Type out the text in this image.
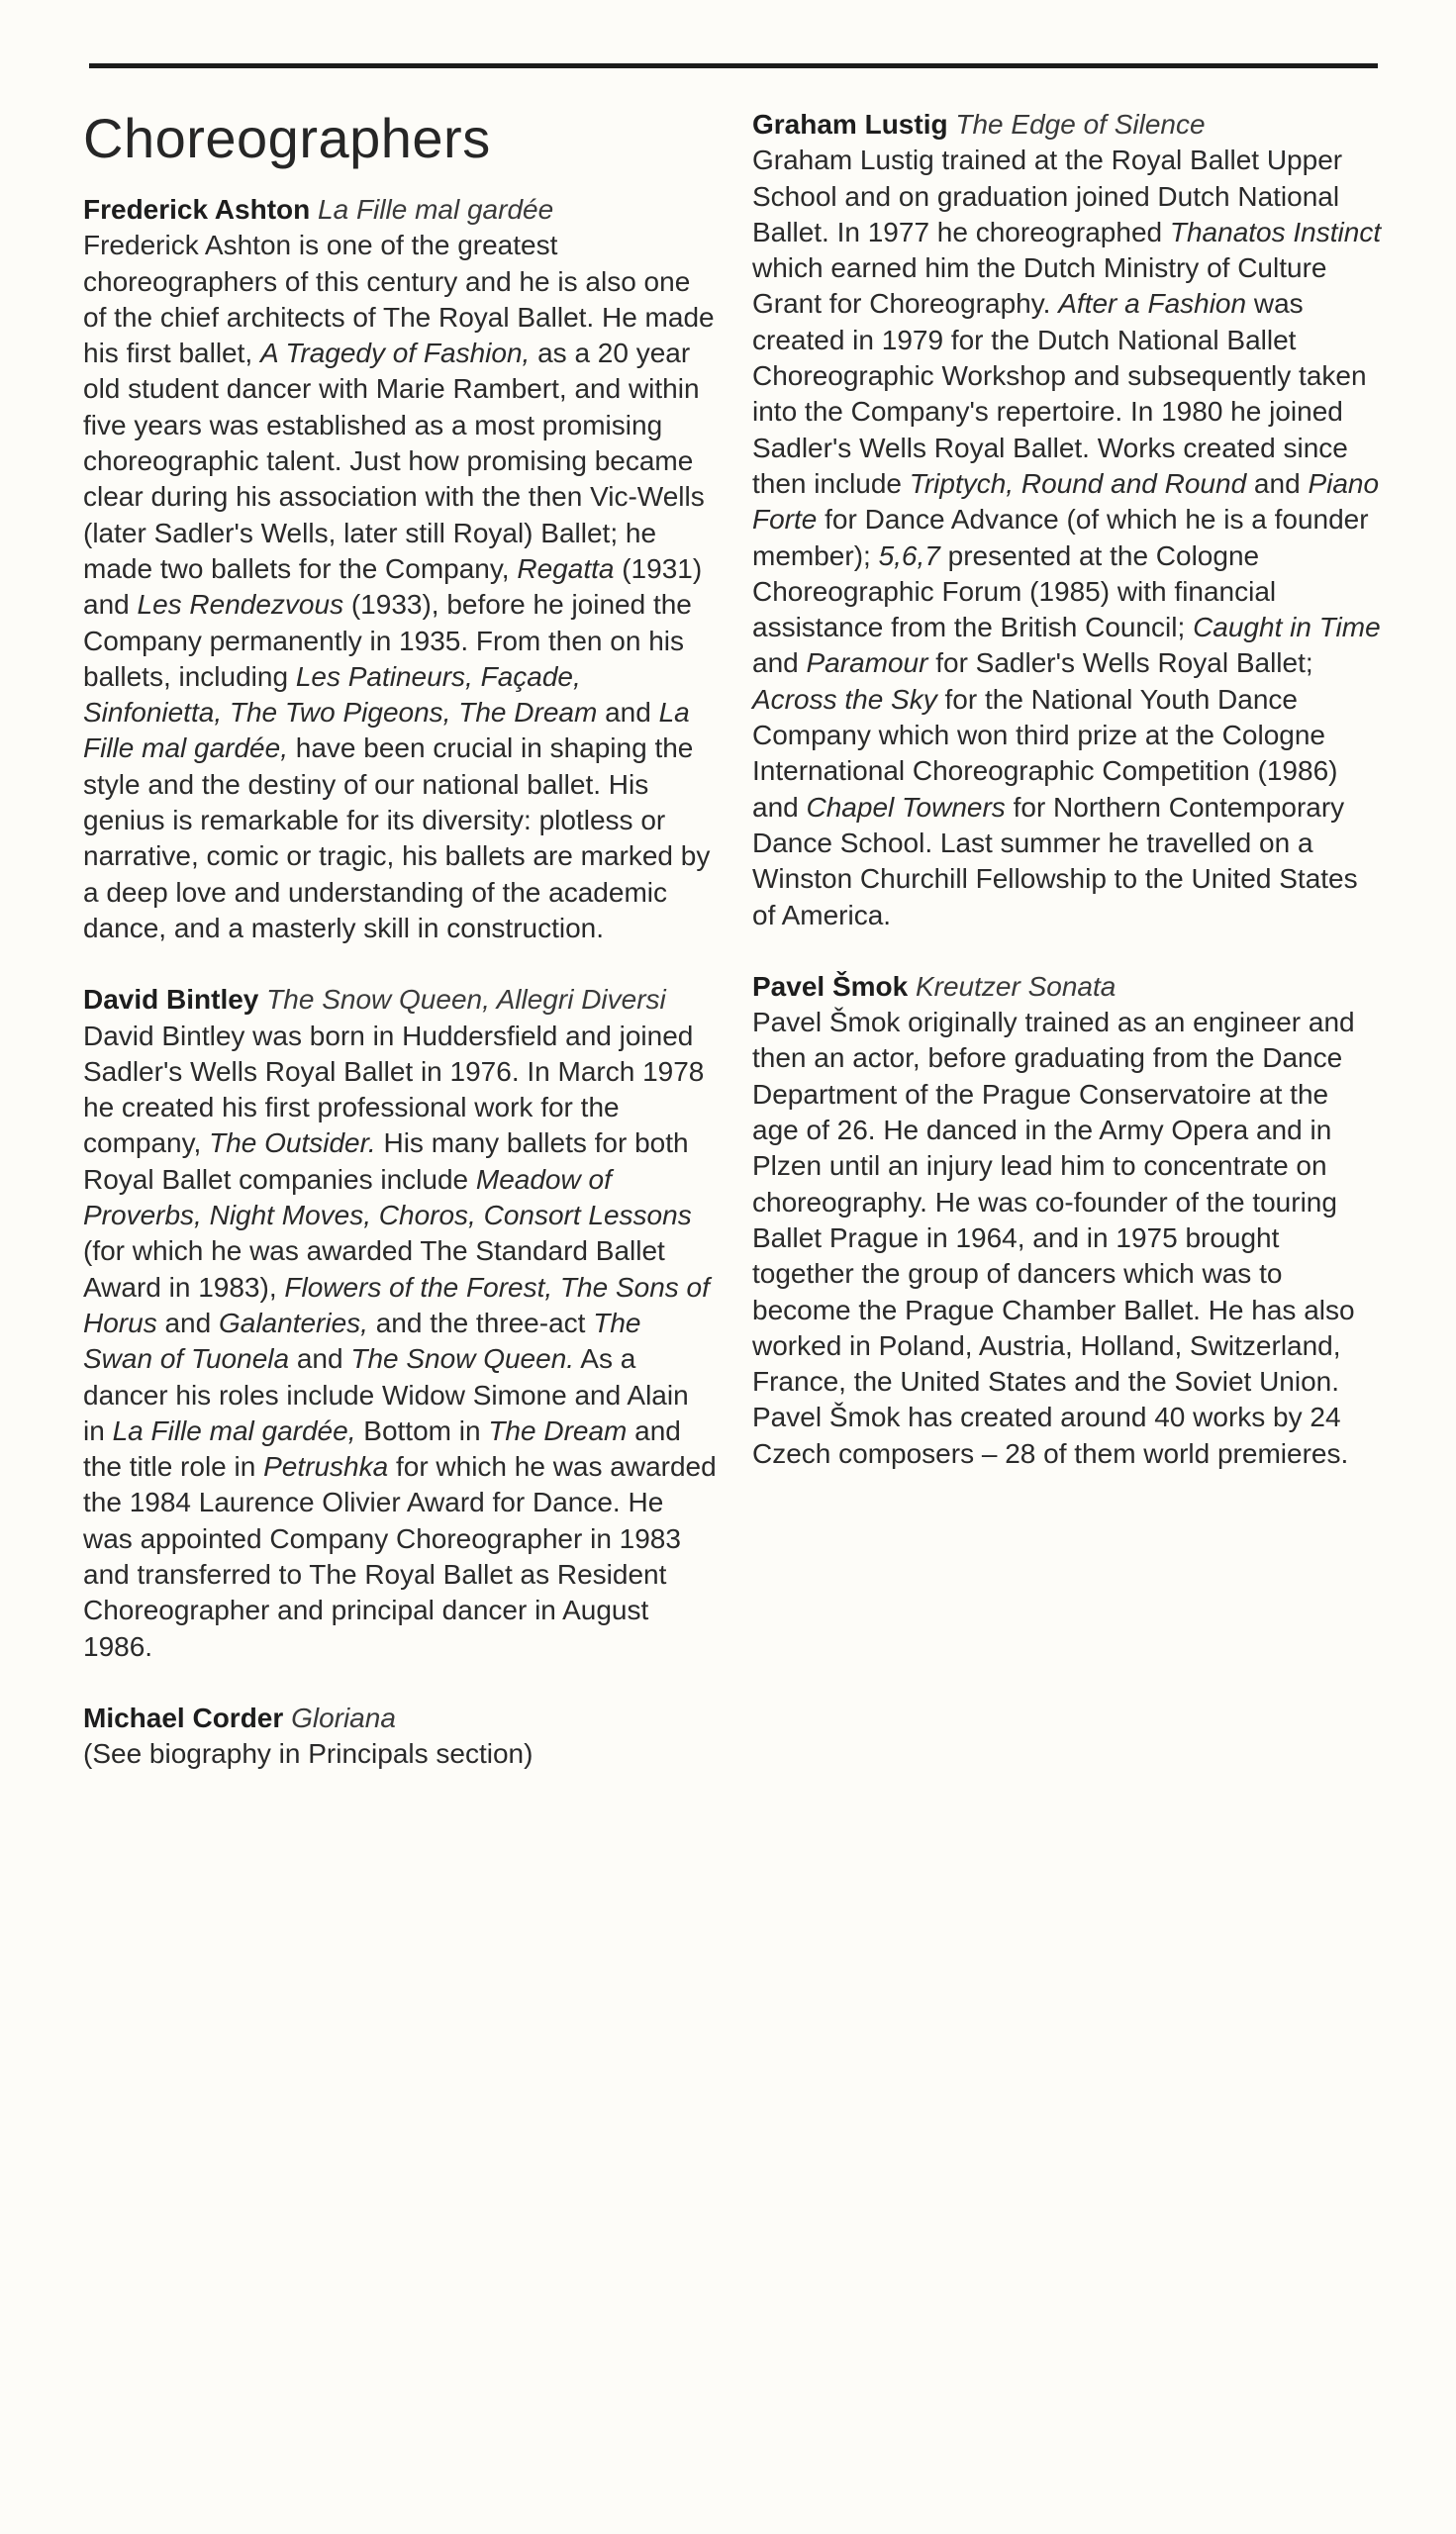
Choreographers

Frederick Ashton La Fille mal gardée

Frederick Ashton is one of the greatest choreographers of this century and he is also one of the chief architects of The Royal Ballet. He made his first ballet, A Tragedy of Fashion, as a 20 year old student dancer with Marie Rambert, and within five years was established as a most promising choreographic talent. Just how promising became clear during his association with the then Vic-Wells (later Sadler's Wells, later still Royal) Ballet; he made two ballets for the Company, Regatta (1931) and Les Rendezvous (1933), before he joined the Company permanently in 1935. From then on his ballets, including Les Patineurs, Façade, Sinfonietta, The Two Pigeons, The Dream and La Fille mal gardée, have been crucial in shaping the style and the destiny of our national ballet. His genius is remarkable for its diversity: plotless or narrative, comic or tragic, his ballets are marked by a deep love and understanding of the academic dance, and a masterly skill in construction.

David Bintley The Snow Queen, Allegri Diversi

David Bintley was born in Huddersfield and joined Sadler's Wells Royal Ballet in 1976. In March 1978 he created his first professional work for the company, The Outsider. His many ballets for both Royal Ballet companies include Meadow of Proverbs, Night Moves, Choros, Consort Lessons (for which he was awarded The Standard Ballet Award in 1983), Flowers of the Forest, The Sons of Horus and Galanteries, and the three-act The Swan of Tuonela and The Snow Queen. As a dancer his roles include Widow Simone and Alain in La Fille mal gardée, Bottom in The Dream and the title role in Petrushka for which he was awarded the 1984 Laurence Olivier Award for Dance. He was appointed Company Choreographer in 1983 and transferred to The Royal Ballet as Resident Choreographer and principal dancer in August 1986.

Michael Corder Gloriana

(See biography in Principals section)

Graham Lustig The Edge of Silence

Graham Lustig trained at the Royal Ballet Upper School and on graduation joined Dutch National Ballet. In 1977 he choreographed Thanatos Instinct which earned him the Dutch Ministry of Culture Grant for Choreography. After a Fashion was created in 1979 for the Dutch National Ballet Choreographic Workshop and subsequently taken into the Company's repertoire. In 1980 he joined Sadler's Wells Royal Ballet. Works created since then include Triptych, Round and Round and Piano Forte for Dance Advance (of which he is a founder member); 5,6,7 presented at the Cologne Choreographic Forum (1985) with financial assistance from the British Council; Caught in Time and Paramour for Sadler's Wells Royal Ballet; Across the Sky for the National Youth Dance Company which won third prize at the Cologne International Choreographic Competition (1986) and Chapel Towners for Northern Contemporary Dance School. Last summer he travelled on a Winston Churchill Fellowship to the United States of America.

Pavel Šmok Kreutzer Sonata

Pavel Šmok originally trained as an engineer and then an actor, before graduating from the Dance Department of the Prague Conservatoire at the age of 26. He danced in the Army Opera and in Plzen until an injury lead him to concentrate on choreography. He was co-founder of the touring Ballet Prague in 1964, and in 1975 brought together the group of dancers which was to become the Prague Chamber Ballet. He has also worked in Poland, Austria, Holland, Switzerland, France, the United States and the Soviet Union. Pavel Šmok has created around 40 works by 24 Czech composers – 28 of them world premieres.
